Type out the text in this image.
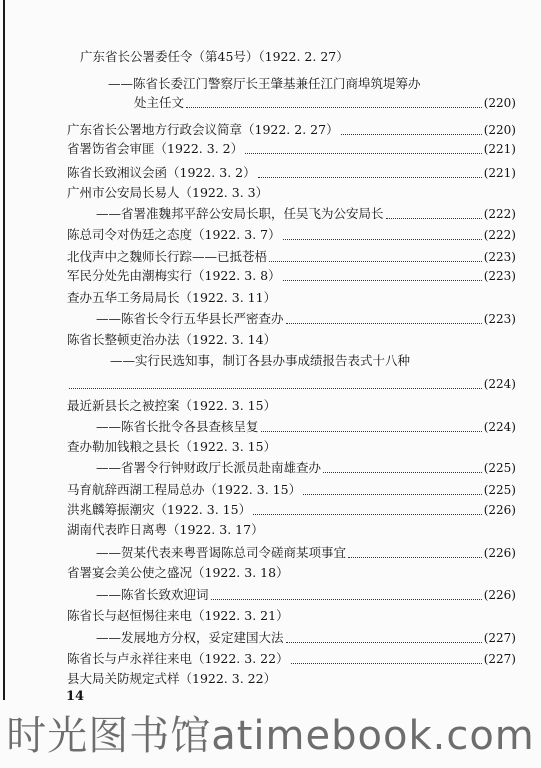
广东省长公署委任令（第45号）（1922. 2. 27）
——陈省长委江门警察厅长王肇基兼任江门商埠筑堤筹办
处主任文	(220)
广东省长公署地方行政会议简章（1922. 2. 27）	(220)
省署饬省会审匪（1922. 3. 2）	(221)
陈省长致湘议会函（1922. 3. 2）	(221)
广州市公安局长易人（1922. 3. 3）
——省署准魏邦平辞公安局长职，任吴飞为公安局长	(222)
陈总司令对伪廷之态度（1922. 3. 7）	(222)
北伐声中之魏师长行踪——已抵苍梧	(223)
军民分处先由潮梅实行（1922. 3. 8）	(223)
查办五华工务局局长（1922. 3. 11）
——陈省长令行五华县长严密查办	(223)
陈省长整顿吏治办法（1922. 3. 14）
——实行民选知事，制订各县办事成绩报告表式十八种
(224)
最近新县长之被控案（1922. 3. 15）
——陈省长批令各县查核呈复	(224)
查办勒加钱粮之县长（1922. 3. 15）
——省署令行钟财政厅长派员赴南雄查办	(225)
马育航辞西湖工程局总办（1922. 3. 15）	(225)
洪兆麟筹振潮灾（1922. 3. 15）	(226)
湖南代表昨日离粤（1922. 3. 17）
——贺某代表来粤晋谒陈总司令磋商某项事宜	(226)
省署宴会美公使之盛况（1922. 3. 18）
——陈省长致欢迎词	(226)
陈省长与赵恒惕往来电（1922. 3. 21）
——发展地方分权，妥定建国大法	(227)
陈省长与卢永祥往来电（1922. 3. 22）	(227)
县大局关防规定式样（1922. 3. 22）
14
时光图书馆atimebook.com
